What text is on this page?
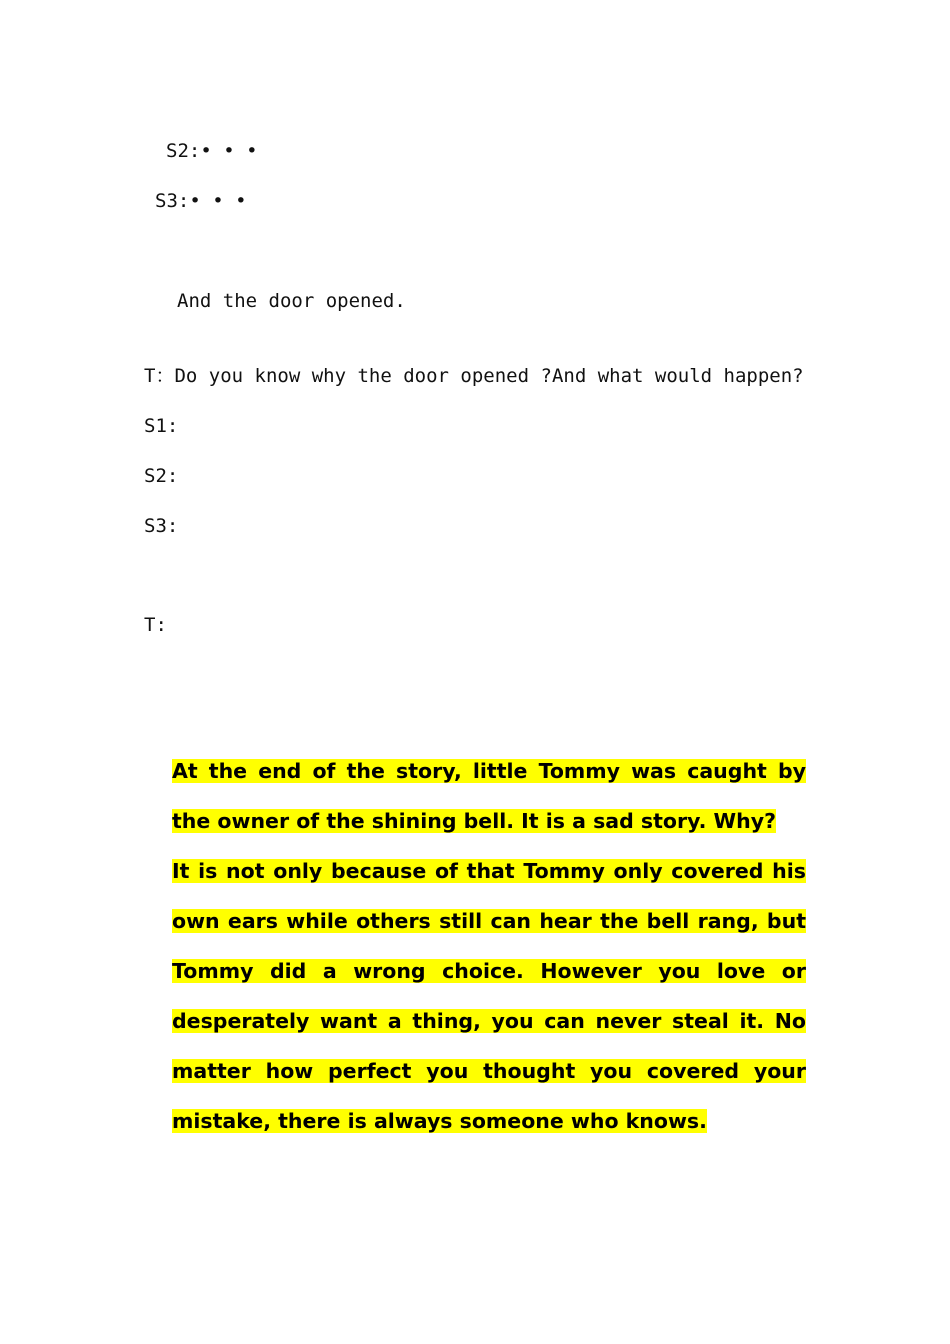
S2:• • •
S3:• • •
And the door opened.
T：Do you know why the door opened ?And what would happen?
S1:
S2:
S3:
T:

At the end of the story, little Tommy was caught by the owner of the shining bell. It is a sad story. Why?

It is not only because of that Tommy only covered his own ears while others still can hear the bell rang, but Tommy did a wrong choice. However you love or desperately want a thing, you can never steal it. No matter how perfect you thought you covered your mistake, there is always someone who knows.
